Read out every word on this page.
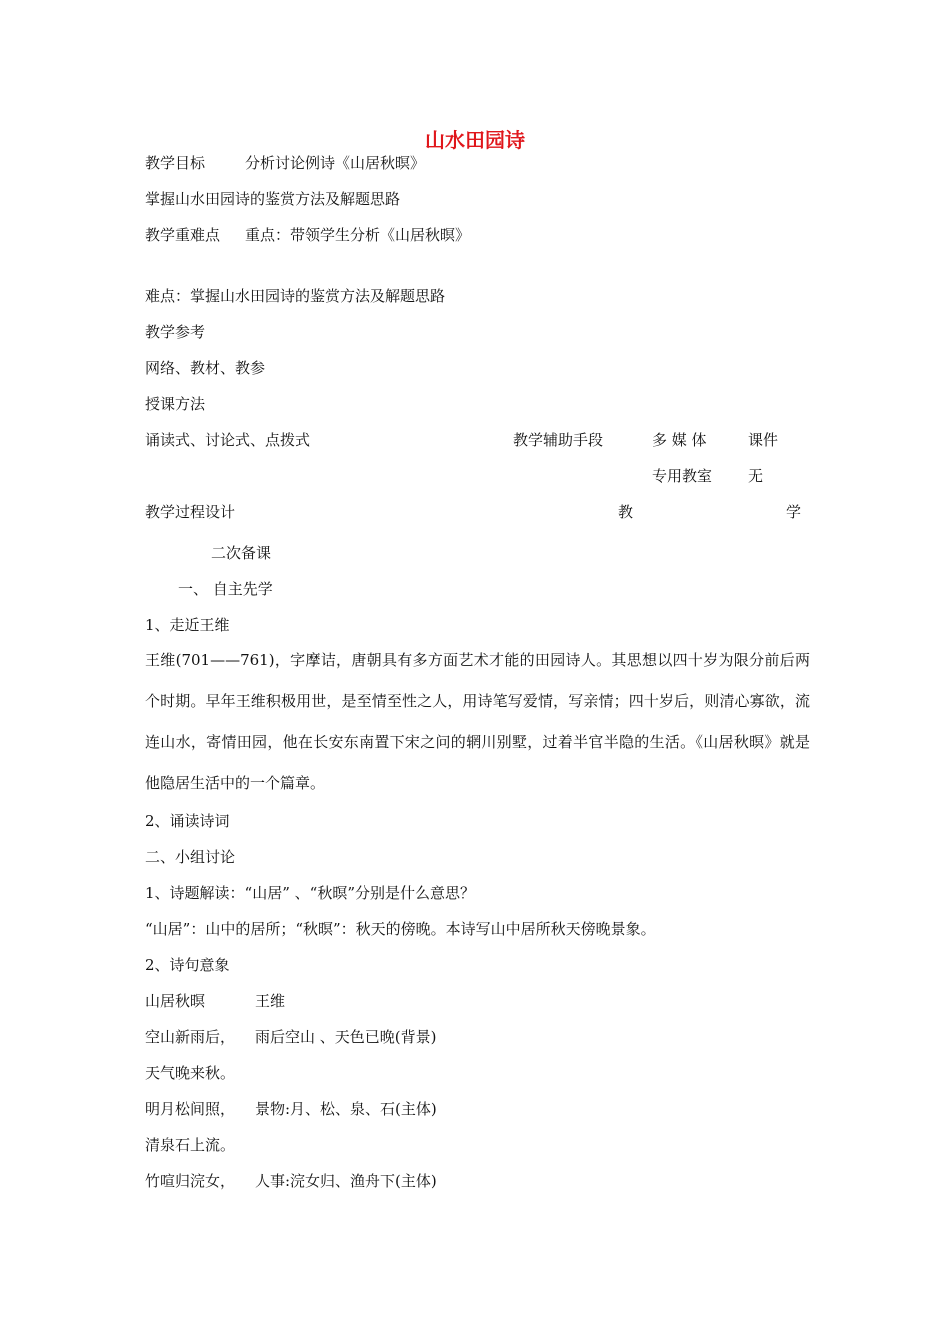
山水田园诗
教学目标	分析讨论例诗《山居秋暝》
掌握山水田园诗的鉴赏方法及解题思路
教学重难点 重点：带领学生分析《山居秋暝》
难点：掌握山水田园诗的鉴赏方法及解题思路
教学参考
网络、教材、教参
授课方法
诵读式、讨论式、点拨式	教学辅助手段	多 媒 体	课件
专用教室 无
教学过程设计	教	学
二次备课
一、 自主先学
1、走近王维
王维(701——761)，字摩诘，唐朝具有多方面艺术才能的田园诗人。其思想以四十岁为限分前后两个时期。早年王维积极用世，是至情至性之人，用诗笔写爱情，写亲情；四十岁后，则清心寡欲，流连山水，寄情田园，他在长安东南置下宋之问的辋川别墅，过着半官半隐的生活。《山居秋暝》就是他隐居生活中的一个篇章。
2、诵读诗词
二、小组讨论
1、诗题解读：“山居” 、“秋暝”分别是什么意思？
“山居”：山中的居所；“秋暝”：秋天的傍晚。本诗写山中居所秋天傍晚景象。
2、诗句意象
山居秋暝	王维
空山新雨后， 雨后空山 、天色已晚(背景)
天气晚来秋。
明月松间照， 景物:月、松、泉、石(主体)
清泉石上流。
竹喧归浣女， 人事:浣女归、渔舟下(主体)
